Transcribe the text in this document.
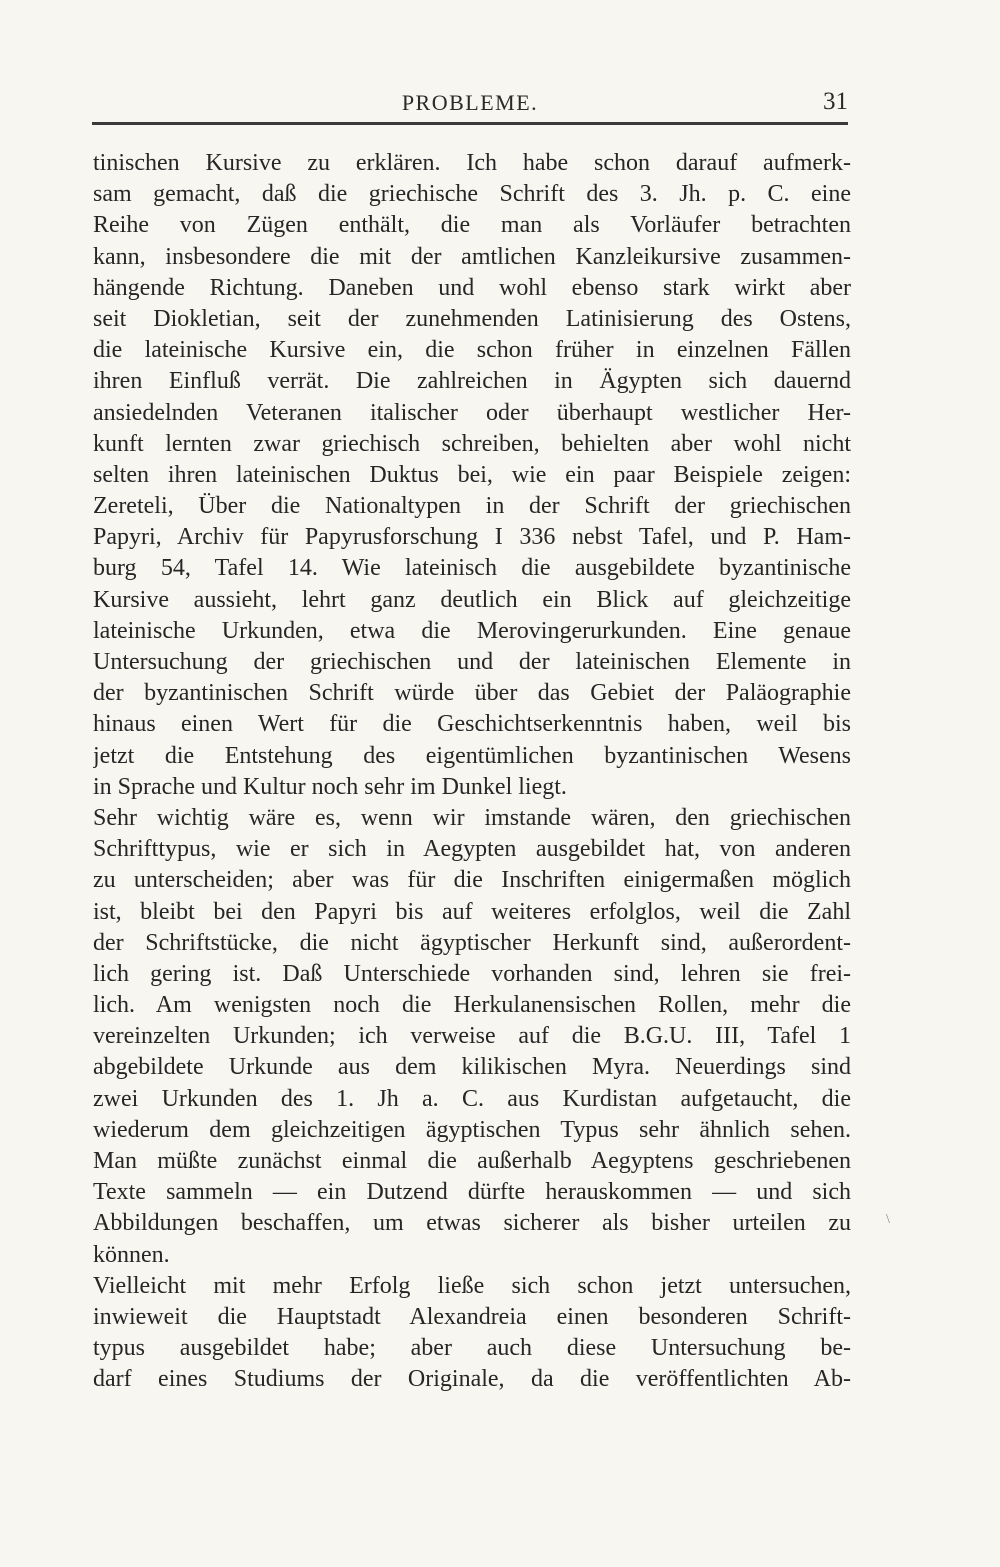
PROBLEME.	31
tinischen Kursive zu erklären. Ich habe schon darauf aufmerk-
sam gemacht, daß die griechische Schrift des 3. Jh. p. C. eine
Reihe von Zügen enthält, die man als Vorläufer betrachten
kann, insbesondere die mit der amtlichen Kanzleikursive zusammen-
hängende Richtung. Daneben und wohl ebenso stark wirkt aber
seit Diokletian, seit der zunehmenden Latinisierung des Ostens,
die lateinische Kursive ein, die schon früher in einzelnen Fällen
ihren Einfluß verrät. Die zahlreichen in Ägypten sich dauernd
ansiedelnden Veteranen italischer oder überhaupt westlicher Her-
kunft lernten zwar griechisch schreiben, behielten aber wohl nicht
selten ihren lateinischen Duktus bei, wie ein paar Beispiele zeigen:
Zereteli, Über die Nationaltypen in der Schrift der griechischen
Papyri, Archiv für Papyrusforschung I 336 nebst Tafel, und P. Ham-
burg 54, Tafel 14. Wie lateinisch die ausgebildete byzantinische
Kursive aussieht, lehrt ganz deutlich ein Blick auf gleichzeitige
lateinische Urkunden, etwa die Merovingerurkunden. Eine genaue
Untersuchung der griechischen und der lateinischen Elemente in
der byzantinischen Schrift würde über das Gebiet der Paläographie
hinaus einen Wert für die Geschichtserkenntnis haben, weil bis
jetzt die Entstehung des eigentümlichen byzantinischen Wesens
in Sprache und Kultur noch sehr im Dunkel liegt.
Sehr wichtig wäre es, wenn wir imstande wären, den griechischen
Schrifttypus, wie er sich in Aegypten ausgebildet hat, von anderen
zu unterscheiden; aber was für die Inschriften einigermaßen möglich
ist, bleibt bei den Papyri bis auf weiteres erfolglos, weil die Zahl
der Schriftstücke, die nicht ägyptischer Herkunft sind, außerordent-
lich gering ist. Daß Unterschiede vorhanden sind, lehren sie frei-
lich. Am wenigsten noch die Herkulanensischen Rollen, mehr die
vereinzelten Urkunden; ich verweise auf die B.G.U. III, Tafel 1
abgebildete Urkunde aus dem kilikischen Myra. Neuerdings sind
zwei Urkunden des 1. Jh a. C. aus Kurdistan aufgetaucht, die
wiederum dem gleichzeitigen ägyptischen Typus sehr ähnlich sehen.
Man müßte zunächst einmal die außerhalb Aegyptens geschriebenen
Texte sammeln — ein Dutzend dürfte herauskommen — und sich
Abbildungen beschaffen, um etwas sicherer als bisher urteilen zu
können.
Vielleicht mit mehr Erfolg ließe sich schon jetzt untersuchen,
inwieweit die Hauptstadt Alexandreia einen besonderen Schrift-
typus ausgebildet habe; aber auch diese Untersuchung be-
darf eines Studiums der Originale, da die veröffentlichten Ab-
\
